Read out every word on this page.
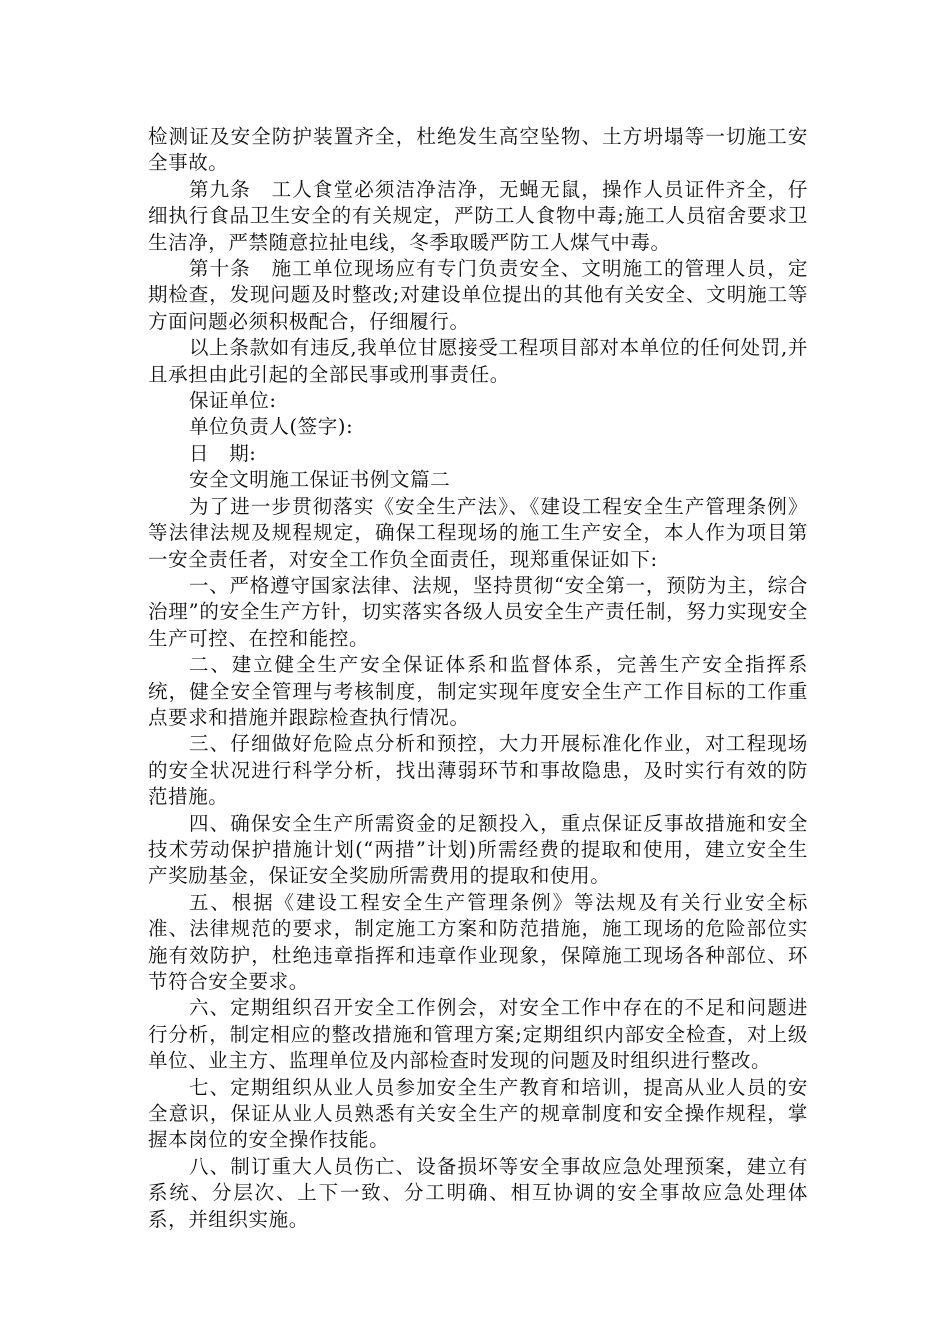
检测证及安全防护装置齐全，杜绝发生高空坠物、土方坍塌等一切施工安全事故。

第九条　工人食堂必须洁净洁净，无蝇无鼠，操作人员证件齐全，仔细执行食品卫生安全的有关规定，严防工人食物中毒;施工人员宿舍要求卫生洁净，严禁随意拉扯电线，冬季取暖严防工人煤气中毒。

第十条　施工单位现场应有专门负责安全、文明施工的管理人员，定期检查，发现问题及时整改;对建设单位提出的其他有关安全、文明施工等方面问题必须积极配合，仔细履行。

以上条款如有违反,我单位甘愿接受工程项目部对本单位的任何处罚,并且承担由此引起的全部民事或刑事责任。

保证单位:

单位负责人(签字):

日　期:

安全文明施工保证书例文篇二

为了进一步贯彻落实《安全生产法》、《建设工程安全生产管理条例》等法律法规及规程规定，确保工程现场的施工生产安全，本人作为项目第一安全责任者，对安全工作负全面责任，现郑重保证如下:

一、严格遵守国家法律、法规，坚持贯彻“安全第一，预防为主，综合治理”的安全生产方针，切实落实各级人员安全生产责任制，努力实现安全生产可控、在控和能控。

二、建立健全生产安全保证体系和监督体系，完善生产安全指挥系统，健全安全管理与考核制度，制定实现年度安全生产工作目标的工作重点要求和措施并跟踪检查执行情况。

三、仔细做好危险点分析和预控，大力开展标准化作业，对工程现场的安全状况进行科学分析，找出薄弱环节和事故隐患，及时实行有效的防范措施。

四、确保安全生产所需资金的足额投入，重点保证反事故措施和安全技术劳动保护措施计划(“两措”计划)所需经费的提取和使用，建立安全生产奖励基金，保证安全奖励所需费用的提取和使用。

五、根据《建设工程安全生产管理条例》等法规及有关行业安全标准、法律规范的要求，制定施工方案和防范措施，施工现场的危险部位实施有效防护，杜绝违章指挥和违章作业现象，保障施工现场各种部位、环节符合安全要求。

六、定期组织召开安全工作例会，对安全工作中存在的不足和问题进行分析，制定相应的整改措施和管理方案;定期组织内部安全检查，对上级单位、业主方、监理单位及内部检查时发现的问题及时组织进行整改。

七、定期组织从业人员参加安全生产教育和培训，提高从业人员的安全意识，保证从业人员熟悉有关安全生产的规章制度和安全操作规程，掌握本岗位的安全操作技能。

八、制订重大人员伤亡、设备损坏等安全事故应急处理预案，建立有系统、分层次、上下一致、分工明确、相互协调的安全事故应急处理体系，并组织实施。
